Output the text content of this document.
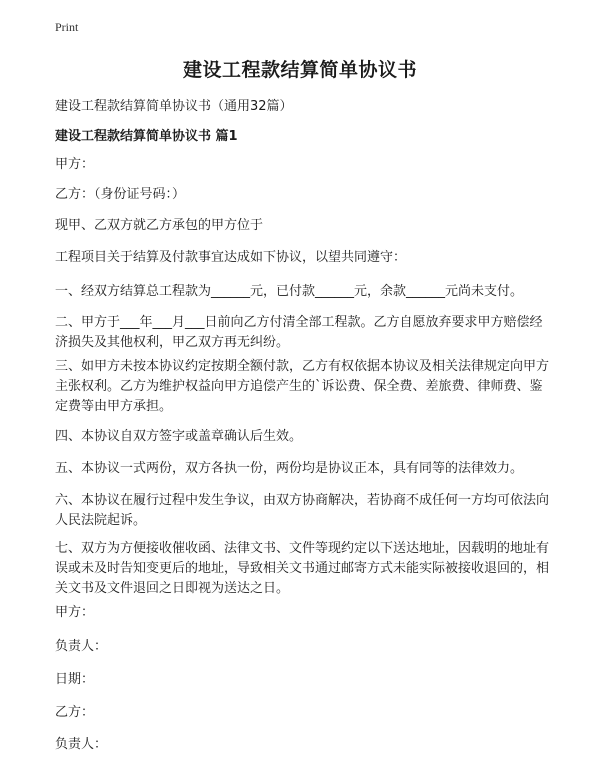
Print
建设工程款结算简单协议书
建设工程款结算简单协议书（通用32篇）
建设工程款结算简单协议书 篇1
甲方：
乙方：（身份证号码：）
现甲、乙双方就乙方承包的甲方位于
工程项目关于结算及付款事宜达成如下协议，以望共同遵守：
一、经双方结算总工程款为______元，已付款______元，余款______元尚未支付。
二、甲方于___年___月___日前向乙方付清全部工程款。乙方自愿放弃要求甲方赔偿经济损失及其他权利，甲乙双方再无纠纷。
三、如甲方未按本协议约定按期全额付款，乙方有权依据本协议及相关法律规定向甲方主张权利。乙方为维护权益向甲方追偿产生的`诉讼费、保全费、差旅费、律师费、鉴定费等由甲方承担。
四、本协议自双方签字或盖章确认后生效。
五、本协议一式两份，双方各执一份，两份均是协议正本，具有同等的法律效力。
六、本协议在履行过程中发生争议，由双方协商解决，若协商不成任何一方均可依法向人民法院起诉。
七、双方为方便接收催收函、法律文书、文件等现约定以下送达地址，因载明的地址有误或未及时告知变更后的地址，导致相关文书通过邮寄方式未能实际被接收退回的，相关文书及文件退回之日即视为送达之日。
甲方：
负责人：
日期：
乙方：
负责人：
